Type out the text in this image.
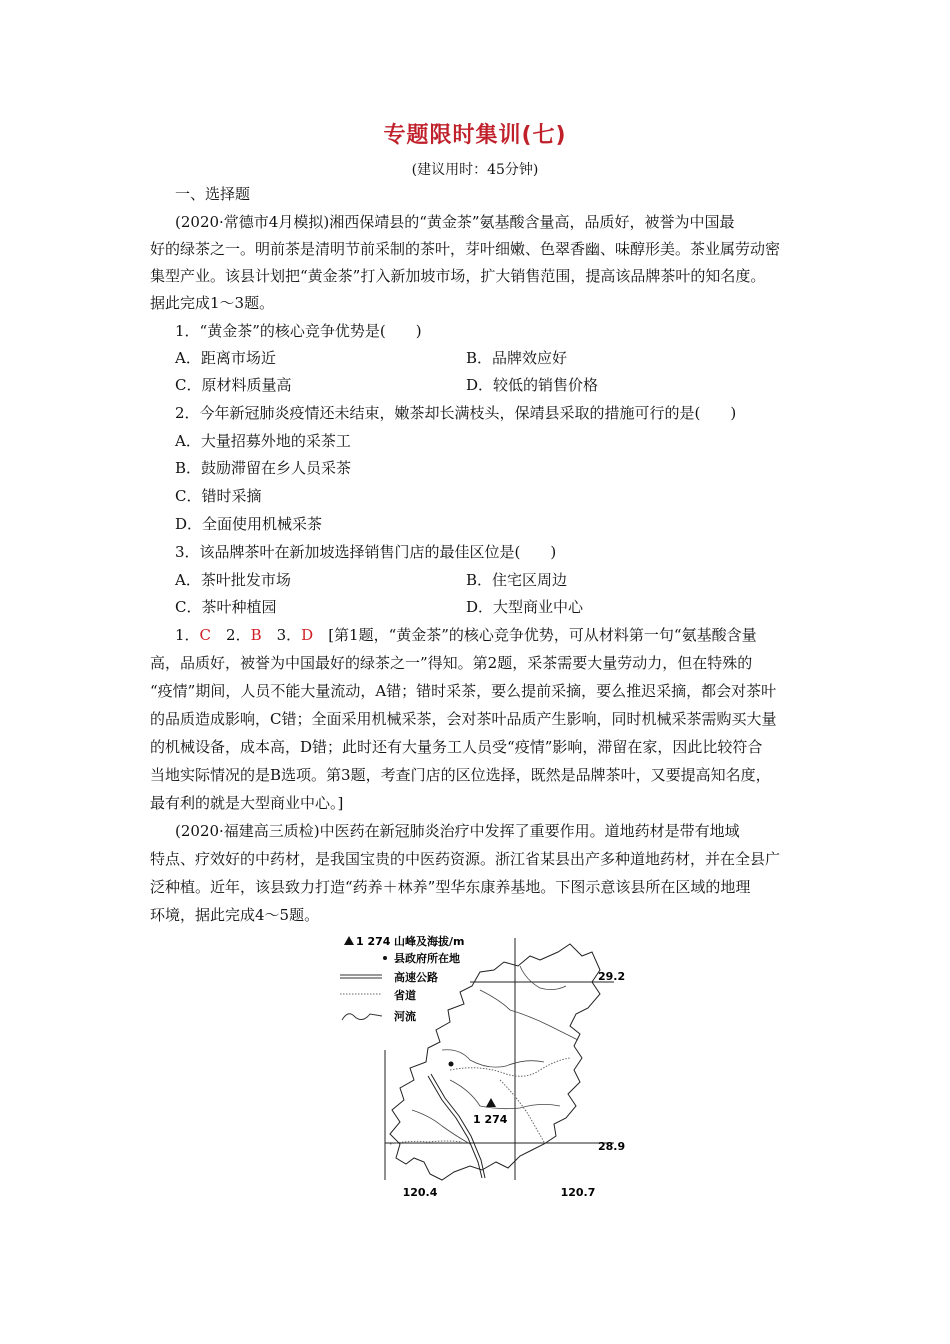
专题限时集训(七)
(建议用时：45分钟)
一、选择题
(2020·常德市4月模拟)湘西保靖县的“黄金茶”氨基酸含量高，品质好，被誉为中国最
好的绿茶之一。明前茶是清明节前采制的茶叶，芽叶细嫩、色翠香幽、味醇形美。茶业属劳动密
集型产业。该县计划把“黄金茶”打入新加坡市场，扩大销售范围，提高该品牌茶叶的知名度。
据此完成1～3题。
1．“黄金茶”的核心竞争优势是(　　)
A．距离市场近	B．品牌效应好
C．原材料质量高	D．较低的销售价格
2．今年新冠肺炎疫情还未结束，嫩茶却长满枝头，保靖县采取的措施可行的是(　　)
A．大量招募外地的采茶工
B．鼓励滞留在乡人员采茶
C．错时采摘
D．全面使用机械采茶
3．该品牌茶叶在新加坡选择销售门店的最佳区位是(　　)
A．茶叶批发市场	B．住宅区周边
C．茶叶种植园	D．大型商业中心
1．C　2．B　3．D　[第1题，“黄金茶”的核心竞争优势，可从材料第一句“氨基酸含量
高，品质好，被誉为中国最好的绿茶之一”得知。第2题，采茶需要大量劳动力，但在特殊的
“疫情”期间，人员不能大量流动，A错；错时采茶，要么提前采摘，要么推迟采摘，都会对茶叶
的品质造成影响，C错；全面采用机械采茶，会对茶叶品质产生影响，同时机械采茶需购买大量
的机械设备，成本高，D错；此时还有大量务工人员受“疫情”影响，滞留在家，因此比较符合
当地实际情况的是B选项。第3题，考查门店的区位选择，既然是品牌茶叶，又要提高知名度，
最有利的就是大型商业中心。]
(2020·福建高三质检)中医药在新冠肺炎治疗中发挥了重要作用。道地药材是带有地域
特点、疗效好的中药材，是我国宝贵的中医药资源。浙江省某县出产多种道地药材，并在全县广
泛种植。近年，该县致力打造“药养＋林养”型华东康养基地。下图示意该县所在区域的地理
环境，据此完成4～5题。
1 274 山峰及海拔/m
县政府所在地
高速公路
省道
河流
1 274
29.2
28.9
120.4	120.7
